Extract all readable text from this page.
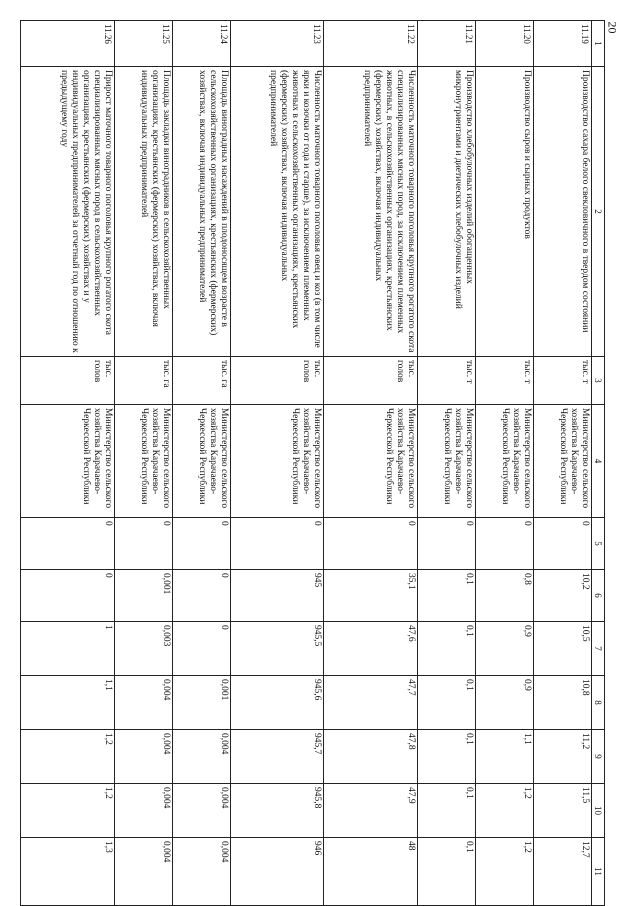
20
1	2	3	4	5	6	7	8	9	10	11
11.19	Производство сахара белого свекловичного в твердом состоянии	тыс. т	Министерство сельского хозяйства Карачаево-Черкесской Республики	0	10,2	10,5	10,8	11,2	11,5	12,7
11.20	Производство сыров и сырных продуктов	тыс. т	Министерство сельского хозяйства Карачаево-Черкесской Республики	0	0,8	0,9	0,9	1,1	1,2	1,2
11.21	Производство хлебобулочных изделий обогащенных микронутриентами и диетических хлебобулочных изделий	тыс. т	Министерство сельского хозяйства Карачаево-Черкесской Республики	0	0,1	0,1	0,1	0,1	0,1	0,1
11.22	Численность маточного товарного поголовья крупного рогатого скота специализированных мясных пород, за исключением племенных животных, в сельскохозяйственных организациях, крестьянских (фермерских) хозяйствах, включая индивидуальных предпринимателей	тыс. голов	Министерство сельского хозяйства Карачаево-Черкесской Республики	0	35,1	47,6	47,7	47,8	47,9	48
11.23	Численность маточного товарного поголовья овец и коз (в том числе ярки и козочки от года и старше), за исключением племенных животных в сельскохозяйственных организациях, крестьянских (фермерских) хозяйствах, включая индивидуальных предпринимателей	тыс. голов	Министерство сельского хозяйства Карачаево-Черкесской Республики	0	945	945,5	945,6	945,7	945,8	946
11.24	Площадь виноградных насаждений в плодоносящем возрасте в сельскохозяйственных организациях, крестьянских (фермерских) хозяйствах, включая индивидуальных предпринимателей	тыс. га	Министерство сельского хозяйства Карачаево-Черкесской Республики	0	0	0	0,001	0,004	0,004	0,004
11.25	Площадь закладки виноградников в сельскохозяйственных организациях, крестьянских (фермерских) хозяйствах, включая индивидуальных предпринимателей	тыс. га	Министерство сельского хозяйства Карачаево-Черкесской Республики	0	0,001	0,003	0,004	0,004	0,004	0,004
11.26	Прирост маточного товарного поголовья крупного рогатого скота специализированных мясных пород в сельскохозяйственных организациях, крестьянских (фермерских) хозяйствах и у индивидуальных предпринимателей за отчетный год по отношению к предыдущему году	тыс. голов	Министерство сельского хозяйства Карачаево-Черкесской Республики	0	0	1	1,1	1,2	1,2	1,3
